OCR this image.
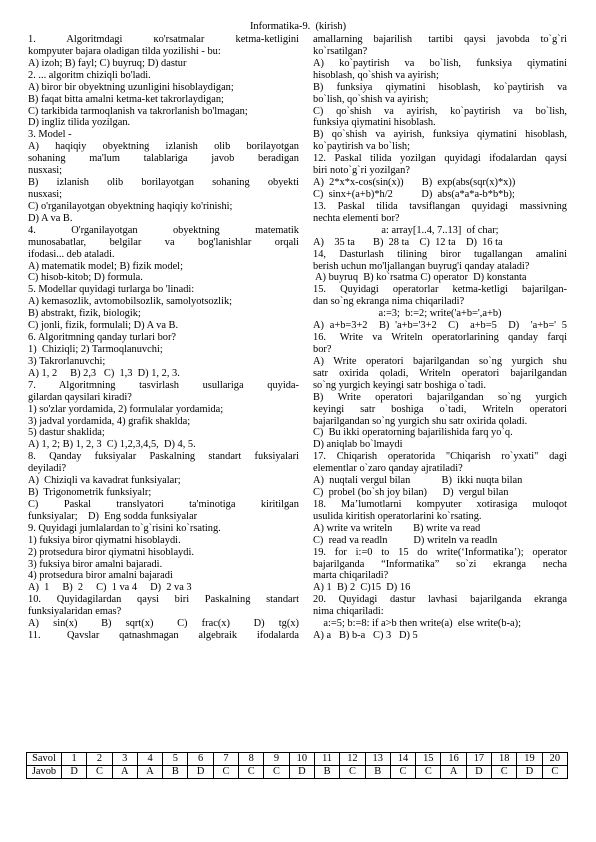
Informatika-9.  (kirish)
1.     Algoritmdagi     кo'rsatmalar     ketma-ketligini
kompyuter bajara oladigan tilda yozilishi - bu:
A) izoh; B) fayl; C) buyruq; D) dastur
2. ... algoritm chiziqli bo'ladi.
A) biror bir obyektning uzunligini hisoblaydigan;
B) faqat bitta amalni ketma-ket takrorlaydigan;
C) tarkibida tarmoqlanish va takrorlanish bo'lmagan;
D) ingliz tilida yozilgan.
3. Model -
A)  haqiqiy  obyektning  izlanish  olib  borilayotgan
sohaning   ma'lum   talablariga   javob   beradigan
nusxasi;
B)   izlanish   olib   borilayotgan   sohaning   obyekti
nusxasi;
C) o'rganilayotgan obyektning haqiqiy ko'rinishi;
D) A va B.
4.       O'rganilayotgan       obyektning       matematik
munosabatlar,    belgilar    va    bog'lanishlar    orqali
ifodasi... deb ataladi.
A) matematik model; B) fizik model;
C) hisob-kitob; D) formula.
5. Modellar quyidagi turlarga bo 'linadi:
A) kemasozlik, avtomobilsozlik, samolyotsozlik;
B) abstrakt, fizik, biologik;
C) jonli, fizik, formulali; D) A va B.
6. Algoritmning qanday turlari bor?
1)  Chiziqli; 2) Tarmoqlanuvchi;
3) Takrorlanuvchi;
A) 1, 2     B) 2,3   C)  1,3  D) 1, 2, 3.
7.    Algoritmning    tasvirlash    usullariga    quyida-
gilardan qaysilari kiradi?
1) so'zlar yordamida, 2) formulalar yordamida;
3) jadval yordamida, 4) grafik shaklda;
5) dastur shaklida;
A) 1, 2; B) 1, 2, 3  C) 1,2,3,4,5,  D) 4, 5.
8. Qanday fuksiyalar Paskalning standart fuksiyalari
deyiladi?
A)  Chiziqli va kavadrat funksiyalar;
B)  Trigonometrik funksiyalr;
C)    Paskal    translyatori    ta'minotiga    kiritilgan
funksiyalar;    D)  Eng sodda funksiyalar
9. Quyidagi jumlalardan to`g`risini ko`rsating.
1) fuksiya biror qiymatni hisoblaydi.
2) protsedura biror qiymatni hisoblaydi.
3) fuksiya biror amalni bajaradi.
4) protsedura biror amalni bajaradi
A)  1     B)  2     C)  1 va 4     D)  2 va 3
10.  Quyidagilardan  qaysi  biri  Paskalning  standart
funksiyalaridan emas?
A)   sin(x)     B)   sqrt(x)     C)   frac(x)     D)   tg(x)
11.    Qavslar   qatnashmagan   algebraik   ifodalarda
amallarning  bajarilish   tartibi  qaysi  javobda  to`g`ri
ko`rsatilgan?
A)    ko`paytirish    va    bo`lish,    funksiya    qiymatini
hisoblash, qo`shish va ayirish;
B)    funksiya    qiymatini    hisoblash,    ko`paytirish    va
bo`lish, qo`shish va ayirish;
C)    qo`shish    va    ayirish,    ko`paytirish    va    bo`lish,
funksiya qiymatini hisoblash.
B) qo`shish va ayirish, funksiya qiymatini hisoblash,
ko`paytirish va bo`lish;
12. Paskal tilida yozilgan quyidagi ifodalardan qaysi
biri noto`g`ri yozilgan?
A)  2*x*x-cos(sin(x))       B)  exp(abs(sqr(x)*x))
C)  sinx+(a+b)*h/2           D)  abs(a*a*a-b*b*b);
13.  Paskal  tilida  tavsiflangan  quyidagi  massivning
nechta elementi bor?
a: array[1..4, 7..13]  of char;
A)    35 ta       B)  28 ta    C)  12 ta    D)  16 ta
14,  Dasturlash  tilining  biror  tugallangan  amalini
berish uchun mo'ljallangan buyrug'i qanday ataladi?
A) buyruq  B) ko`rsatma C) operator  D) konstanta
15.  Quyidagi  operatorlar  ketma-ketligi  bajarilgan-
dan so`ng ekranga nima chiqariladi?
a:=3;  b:=2; write('a+b=',a+b)
A) a+b=3+2  B) 'a+b='3+2  C)  a+b=5  D)  'a+b=' 5
16.   Write  va  Writeln  operatorlarining  qanday  farqi
bor?
A)  Write  operatori  bajarilgandan  so`ng  yurgich  shu
satr  oxirida  qoladi,  Writeln  operatori  bajarilgandan
so`ng yurgich keyingi satr boshiga o`tadi.
B)   Write   operatori   bajarilgandan   so`ng   yurgich
keyingi    satr    boshiga    o`tadi,    Writeln    operatori
bajarilgandan so`ng yurgich shu satr oxirida qoladi.
C)  Bu ikki operatorning bajarilishida farq yo`q.
D) aniqlab bo`lmaydi
17.  Chiqarish  operatorida  "Chiqarish  ro`yxati"  dagi
elementlar o`zaro qanday ajratiladi?
A)  nuqtali vergul bilan            B)  ikki nuqta bilan
C)  probel (bo`sh joy bilan)      D)  vergul bilan
18.  Ma’lumotlarni  kompyuter  xotirasiga  muloqot
usulida kiritish operatorlarini ko`rsating.
A) write va writeln        B) write va read
C)  read va readln          D) writeln va readln
19.  for  i:=0  to  15  do  write(‘Informatika’);  operator
bajarilganda    “Informatika”    so`zi    ekranga    necha
marta chiqariladi?
A) 1  B) 2  C)15  D) 16
20.  Quyidagi  dastur  lavhasi  bajarilganda  ekranga
nima chiqariladi:
a:=5; b:=8: if a>b then write(a)  else write(b-a);
A) a   B) b-a   C) 3   D) 5
Savol	1	2	3	4	5	6	7	8	9	10	11	12	13	14	15	16	17	18	19	20
Javob	D	C	A	A	B	D	C	C	C	D	B	C	B	C	C	A	D	C	D	C
